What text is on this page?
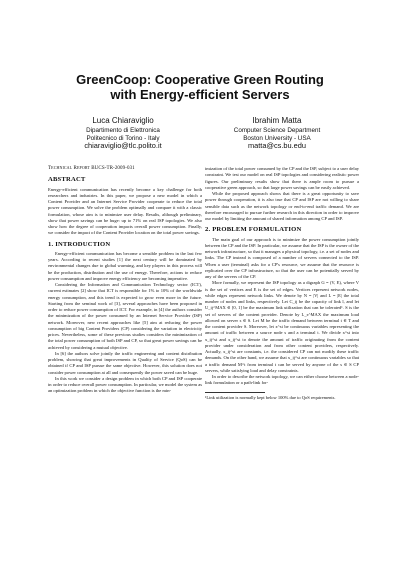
GreenCoop: Cooperative Green Routing
with Energy-efficient Servers
Luca Chiaraviglio
Dipartimento di Elettronica
Politecnico di Torino - Italy
chiaraviglio@tlc.polito.it
Ibrahim Matta
Computer Science Department
Boston University - USA
matta@cs.bu.edu
Technical Report BUCS-TR-2009-031
ABSTRACT

Energy-efficient communication has recently become a key challenge for both researchers and industries. In this paper, we propose a new model in which a Content Provider and an Internet Service Provider cooperate to reduce the total power consumption. We solve the problem optimally and compare it with a classic formulation, whose aim is to minimize user delay. Results, although preliminary, show that power savings can be huge: up to 71% on real ISP topologies. We also show how the degree of cooperation impacts overall power consumption. Finally, we consider the impact of the Content Provider location on the total power savings.

1. INTRODUCTION

Energy-efficient communication has become a sensible problem in the last few years. According to recent studies [1] the next century will be dominated by environmental changes due to global warming, and key players in this process will be the production, distribution and the use of energy. Therefore, actions to reduce power consumption and improve energy efficiency are becoming imperative.

Considering the Information and Communication Technology sector (ICT), current estimates [2] show that ICT is responsible for 1% to 10% of the worldwide energy consumption, and this trend is expected to grow even more in the future. Starting from the seminal work of [3], several approaches have been proposed in order to reduce power consumption of ICT. For example, in [4] the authors consider the minimization of the power consumed by an Internet Service Provider (ISP) network. Moreover, new recent approaches like [5] aim at reducing the power consumption of big Content Providers (CP) considering the variation in electricity prices. Nevertheless, some of these previous studies considers the minimization of the total power consumption of both ISP and CP, so that great power savings can be achieved by considering a mutual objective.

In [6] the authors solve jointly the traffic engineering and content distribution problem, showing that great improvements in Quality of Service (QoS) can be obtained if CP and ISP pursue the same objective. However, this solution does not consider power consumption at all and consequently the power saved can be huge.

In this work we consider a design problem in which both CP and ISP cooperate in order to reduce overall power consumption. In particular, we model the system as an optimization problem in which the objective function is the min-

imization of the total power consumed by the CP and the ISP, subject to a user delay constraint. We test our model on real ISP topologies and considering realistic power figures. Our preliminary results show that there is ample room to pursue a cooperative green approach, so that large power savings can be easily achieved.

While the proposed approach shows that there is a great opportunity to save power through cooperation, it is also true that CP and ISP are not willing to share sensible data such as the network topology or end-to-end traffic demand. We are therefore encouraged to pursue further research in this direction in order to improve our model by limiting the amount of shared information among CP and ISP.

2. PROBLEM FORMULATION

The main goal of our approach is to minimize the power consumption jointly between the CP and the ISP. In particular, we assume that the ISP is the owner of the network infrastructure, so that it manages a physical topology, i.e. a set of nodes and links. The CP instead is composed of a number of servers connected to the ISP. When a user (terminal) asks for a CP's resource, we assume that the resource is replicated over the CP infrastructure, so that the user can be potentially served by any of the servers of the CP.

More formally, we represent the ISP topology as a digraph G = (V, E), where V is the set of vertices and E is the set of edges. Vertices represent network nodes, while edges represent network links. We denote by N = |V| and L = |E| the total number of nodes and links, respectively. Let C_ij be the capacity of link l, and let U_ij^MAX ∈ [0, 1] be the maximum link utilization that can be tolerated¹. S is the set of servers of the content provider. Denote by L_s^MAX the maximum load allowed on server s ∈ S. Let M be the traffic demand between terminal t ∈ T and the content provider S. Moreover, let x^st be continuous variables representing the amount of traffic between a source node s and a terminal t. We divide x^st into x_ij^st and x_ij^st to denote the amount of traffic originating from the content provider under consideration and from other content providers, respectively. Actually, x_ij^st are constants, i.e. the considered CP can not modify these traffic demands. On the other hand, we assume that x_ij^st are continuous variables so that a traffic demand M^t from terminal t can be served by anyone of the s ∈ S CP servers, while satisfying load and delay constraints.

In order to describe the network topology, we can either choose between a node-link formulation or a path-link for-

¹Link utilization is normally kept below 100% due to QoS requirements.
